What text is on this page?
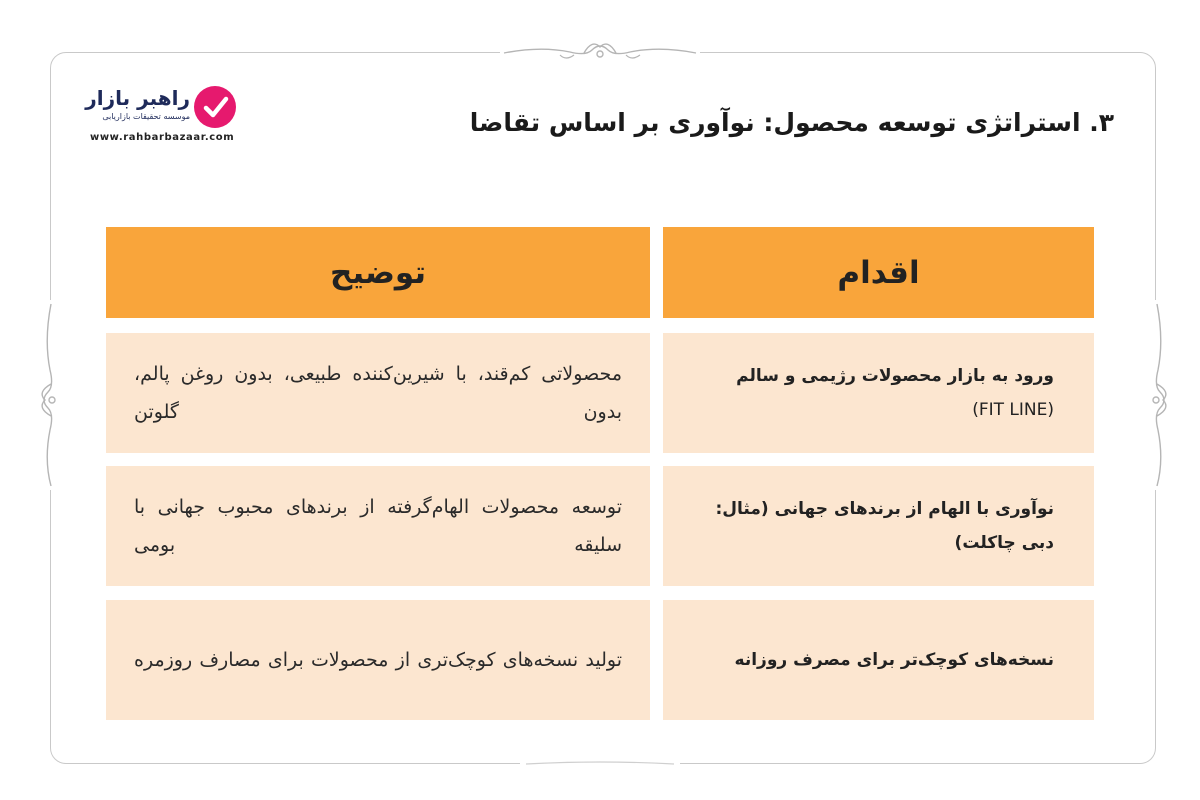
راهبر بازار
موسسه تحقیقات بازاریابی
www.rahbarbazaar.com
۳. استراتژی توسعه محصول: نوآوری بر اساس تقاضا
اقدام
توضیح
ورود به بازار محصولات رژیمی و سالم
(FIT LINE)
محصولاتی کم‌قند، با شیرین‌کننده طبیعی، بدون روغن پالم، بدون گلوتن
نوآوری با الهام از برندهای جهانی (مثال: دبی چاکلت)
توسعه محصولات الهام‌گرفته از برندهای محبوب جهانی با سلیقه بومی
نسخه‌های کوچک‌تر برای مصرف روزانه
تولید نسخه‌های کوچک‌تری از محصولات برای مصارف روزمره
